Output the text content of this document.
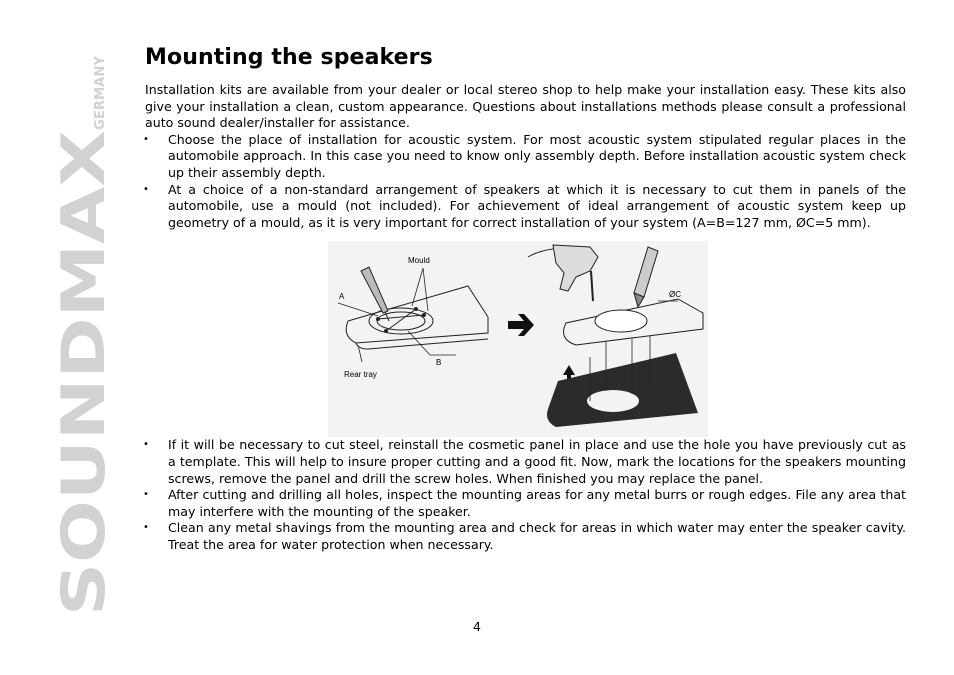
SOUNDMAX
GERMANY Mounting the speakers

Installation kits are available from your dealer or local stereo shop to help make your installation easy. These kits also give your installation a clean, custom appearance. Questions about installations methods please consult a professional auto sound dealer/installer for assistance.

• Choose the place of installation for acoustic system. For most acoustic system stipulated regular places in the automobile approach. In this case you need to know only assembly depth. Before installation acoustic system check up their assembly depth.
• At a choice of a non-standard arrangement of speakers at which it is necessary to cut them in panels of the automobile, use a mould (not included). For achievement of ideal arrangement of acoustic system keep up geometry of a mould, as it is very important for correct installation of your system (A=B=127 mm, ØC=5 mm).
Mould
A
B
Rear tray
ØC
• If it will be necessary to cut steel, reinstall the cosmetic panel in place and use the hole you have previously cut as a template. This will help to insure proper cutting and a good fit. Now, mark the locations for the speakers mounting screws, remove the panel and drill the screw holes. When finished you may replace the panel.
• After cutting and drilling all holes, inspect the mounting areas for any metal burrs or rough edges. File any area that may interfere with the mounting of the speaker.
• Clean any metal shavings from the mounting area and check for areas in which water may enter the speaker cavity. Treat the area for water protection when necessary.
4
